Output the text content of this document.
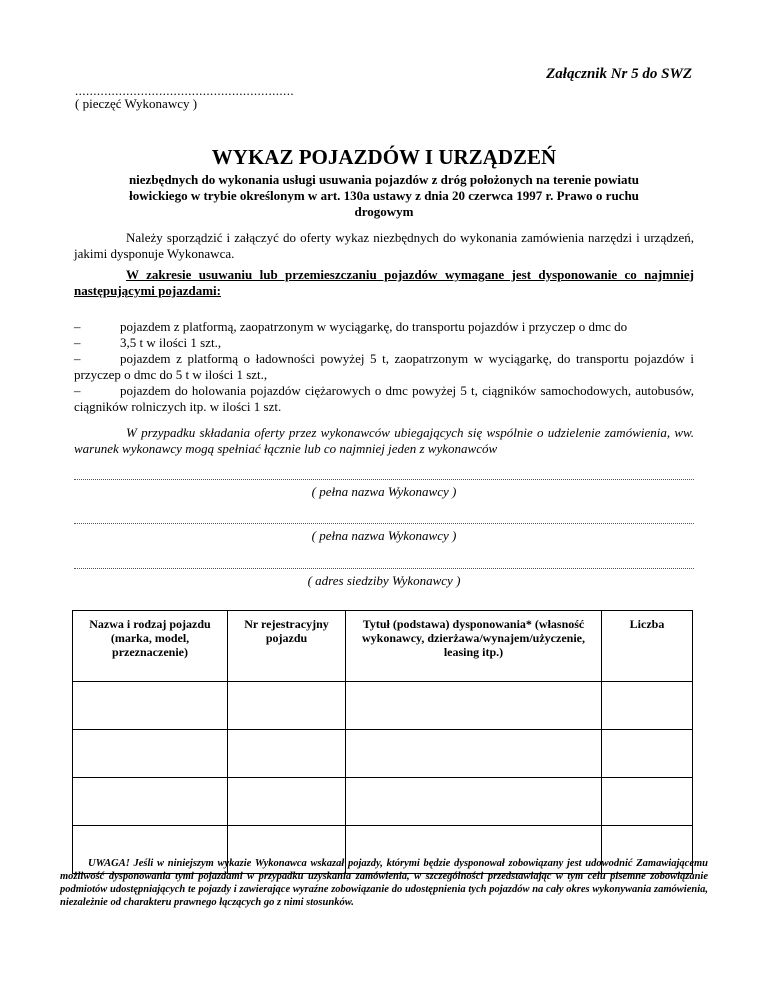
Załącznik Nr 5 do SWZ
............................................................
( pieczęć Wykonawcy )
WYKAZ POJAZDÓW I URZĄDZEŃ
niezbędnych do wykonania usługi usuwania pojazdów z dróg położonych na terenie powiatu łowickiego w trybie określonym w art. 130a ustawy z dnia 20 czerwca 1997 r. Prawo o ruchu drogowym
Należy sporządzić i załączyć do oferty wykaz niezbędnych do wykonania zamówienia narzędzi i urządzeń, jakimi dysponuje Wykonawca.
W zakresie usuwaniu lub przemieszczaniu pojazdów wymagane jest dysponowanie co najmniej następującymi pojazdami:

–	pojazdem z platformą, zaopatrzonym w wyciągarkę, do transportu pojazdów i przyczep o dmc do

–	3,5 t w ilości 1 szt.,

–	pojazdem z platformą o ładowności powyżej 5 t, zaopatrzonym w wyciągarkę, do transportu pojazdów i przyczep o dmc do 5 t w ilości 1 szt.,

–	pojazdem do holowania pojazdów ciężarowych o dmc powyżej 5 t, ciągników samochodowych, autobusów, ciągników rolniczych itp. w ilości 1 szt.

W przypadku składania oferty przez wykonawców ubiegających się wspólnie o udzielenie zamówienia, ww. warunek wykonawcy mogą spełniać łącznie lub co najmniej jeden z wykonawców
( pełna nazwa Wykonawcy )
( pełna nazwa Wykonawcy )
( adres siedziby Wykonawcy )
Nazwa i rodzaj pojazdu (marka, model, przeznaczenie)	Nr rejestracyjny pojazdu	Tytuł (podstawa) dysponowania* (własność wykonawcy, dzierżawa/wynajem/użyczenie, leasing itp.)	Liczba

UWAGA! Jeśli w niniejszym wykazie Wykonawca wskazał pojazdy, którymi będzie dysponował zobowiązany jest udowodnić Zamawiającemu możliwość dysponowania tymi pojazdami w przypadku uzyskania zamówienia, w szczególności przedstawiając w tym celu pisemne zobowiązanie podmiotów udostępniających te pojazdy i zawierające wyraźne zobowiązanie do udostępnienia tych pojazdów na cały okres wykonywania zamówienia, niezależnie od charakteru prawnego łączących go z nimi stosunków.
